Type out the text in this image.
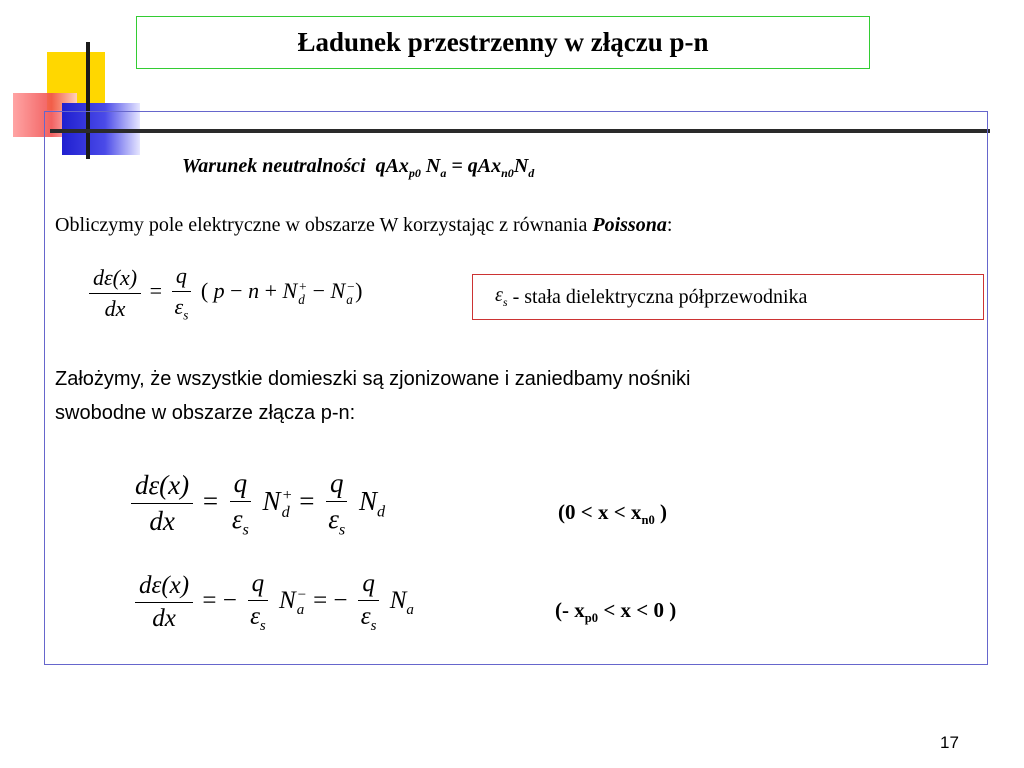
Ładunek przestrzenny w złączu p-n
Warunek neutralności qAx$_{p0}$ $N_a = qAx_{n0}N_d$
Obliczymy pole elektryczne w obszarze W korzystając z równania Poissona:
$\frac{d\varepsilon(x)}{dx} = \frac{q}{\varepsilon_s}$ ( p − n + N +
d − N −
a )	$\varepsilon_s$
- stała dielektryczna półprzewodnika
Założymy, że wszystkie domieszki są zjonizowane i zaniedbamy nośniki
swobodne w obszarze złącza p-n:
$\frac{d\varepsilon(x)}{dx} = \frac{q}{\varepsilon_s}$ N +
$d = \frac{q}{\varepsilon_s} N_d$	($0 < x < x_{n0}$ )
$\frac{d\varepsilon(x)}{dx}$ = − $\frac{q}{\varepsilon_s}$ N −
a = − $\frac{q}{\varepsilon_s} N_a$	(- $x_{p0} < x < 0$ )
17
